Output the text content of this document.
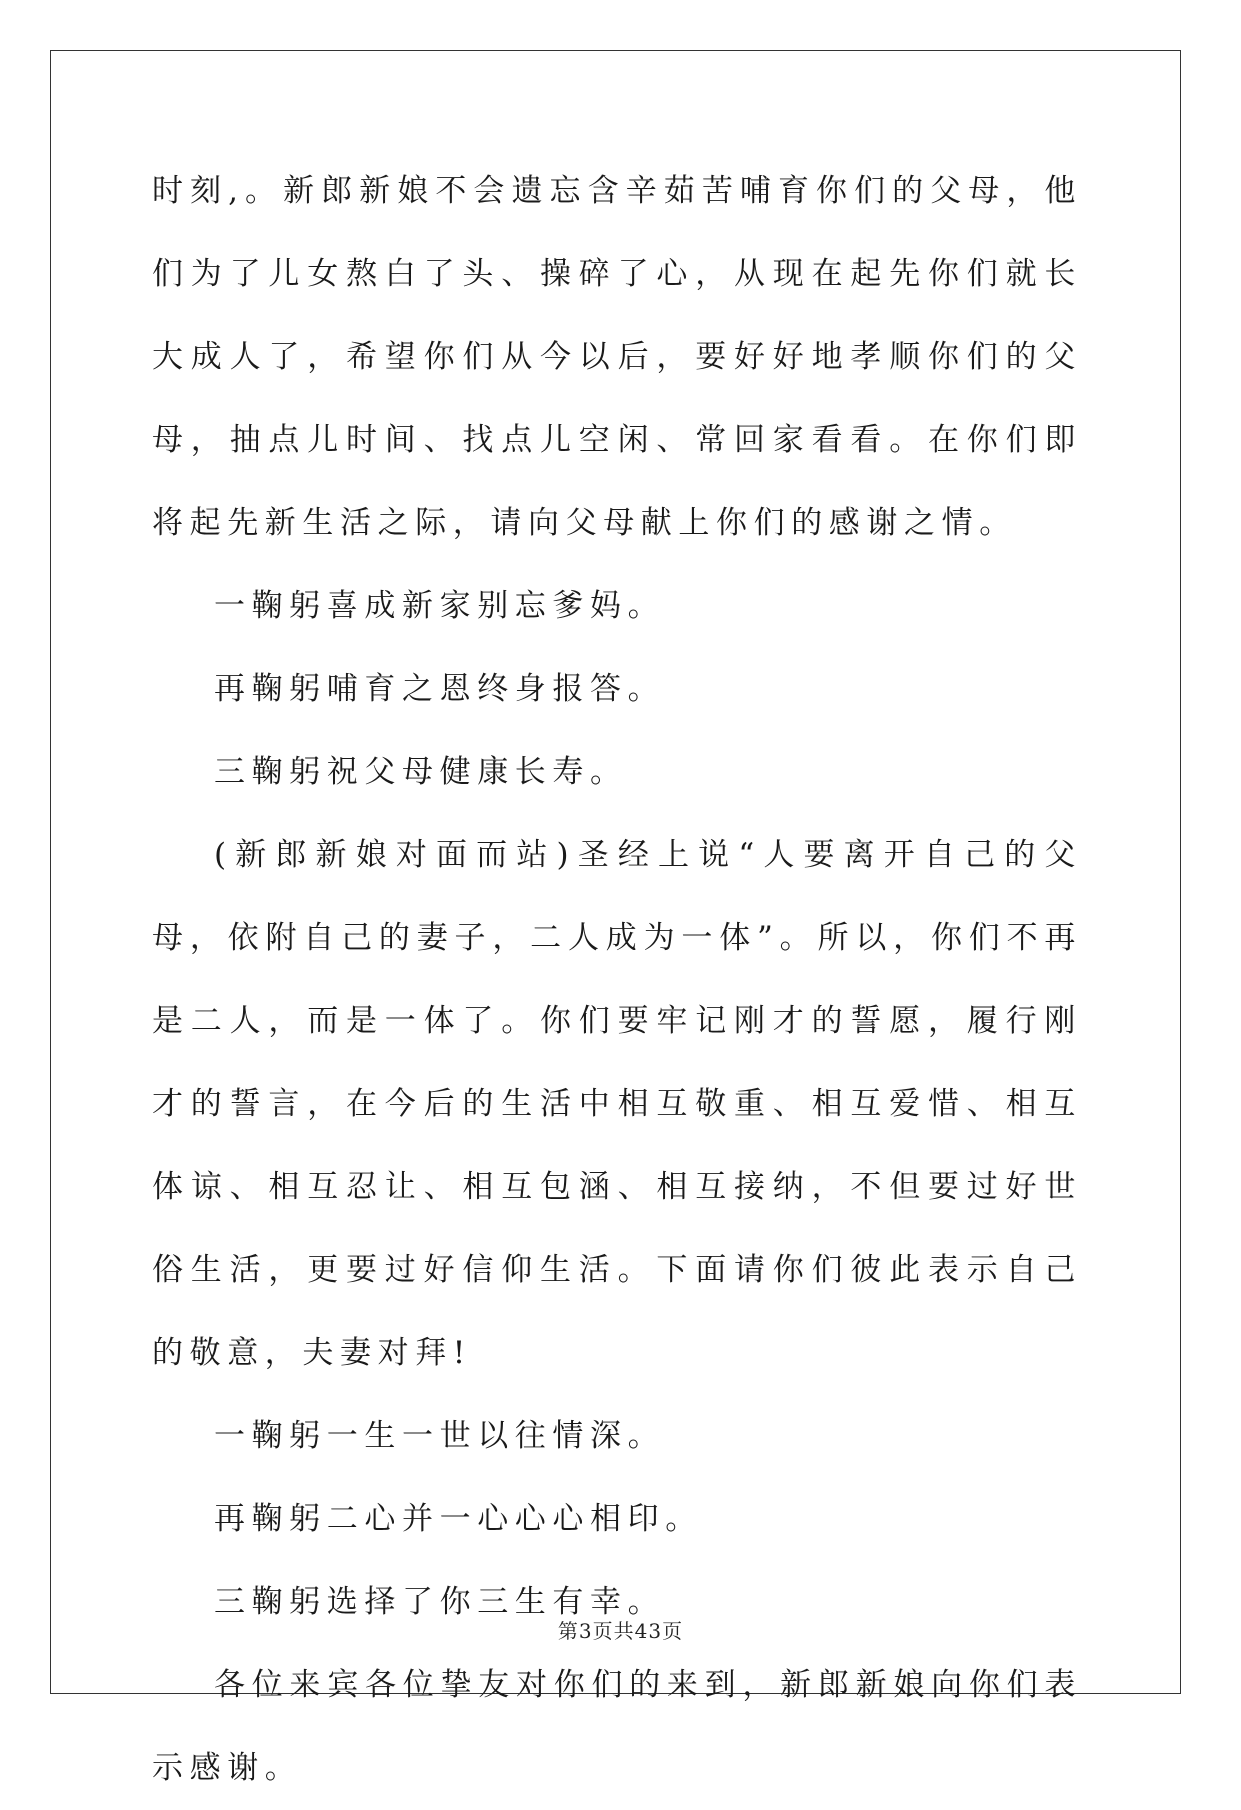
时刻,。新郎新娘不会遗忘含辛茹苦哺育你们的父母，他们为了儿女熬白了头、操碎了心，从现在起先你们就长大成人了，希望你们从今以后，要好好地孝顺你们的父母，抽点儿时间、找点儿空闲、常回家看看。在你们即将起先新生活之际，请向父母献上你们的感谢之情。

一鞠躬喜成新家别忘爹妈。

再鞠躬哺育之恩终身报答。

三鞠躬祝父母健康长寿。

(新郎新娘对面而站)圣经上说“人要离开自己的父母，依附自己的妻子，二人成为一体”。所以，你们不再是二人，而是一体了。你们要牢记刚才的誓愿，履行刚才的誓言，在今后的生活中相互敬重、相互爱惜、相互体谅、相互忍让、相互包涵、相互接纳，不但要过好世俗生活，更要过好信仰生活。下面请你们彼此表示自己的敬意，夫妻对拜!

一鞠躬一生一世以往情深。

再鞠躬二心并一心心心相印。

三鞠躬选择了你三生有幸。

各位来宾各位挚友对你们的来到，新郎新娘向你们表示感谢。

第3页共43页
